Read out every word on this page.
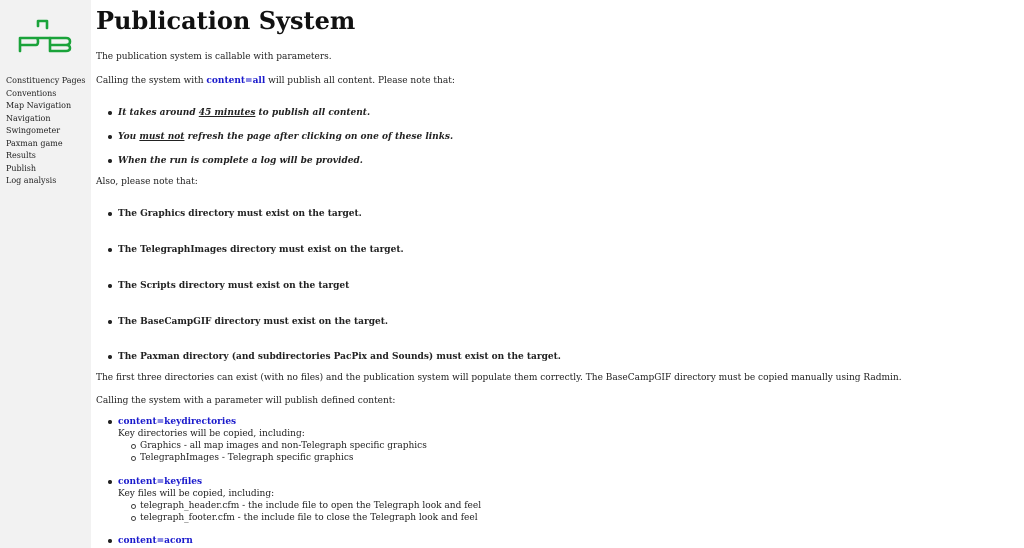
Constituency Pages
Conventions
Map Navigation
Navigation
Swingometer
Paxman game
Results
Publish
Log analysis
Publication System
The publication system is callable with parameters.
Calling the system with content=all will publish all content. Please note that:
It takes around 45 minutes to publish all content.
You must not refresh the page after clicking on one of these links.
When the run is complete a log will be provided.
Also, please note that:
The Graphics directory must exist on the target.
The TelegraphImages directory must exist on the target.
The Scripts directory must exist on the target
The BaseCampGIF directory must exist on the target.
The Paxman directory (and subdirectories PacPix and Sounds) must exist on the target.
The first three directories can exist (with no files) and the publication system will populate them correctly. The BaseCampGIF directory must be copied manually using Radmin.
Calling the system with a parameter will publish defined content:
content=keydirectories
Key directories will be copied, including:
Graphics - all map images and non-Telegraph specific graphics
TelegraphImages - Telegraph specific graphics
content=keyfiles
Key files will be copied, including:
telegraph_header.cfm - the include file to open the Telegraph look and feel
telegraph_footer.cfm - the include file to close the Telegraph look and feel
content=acorn
